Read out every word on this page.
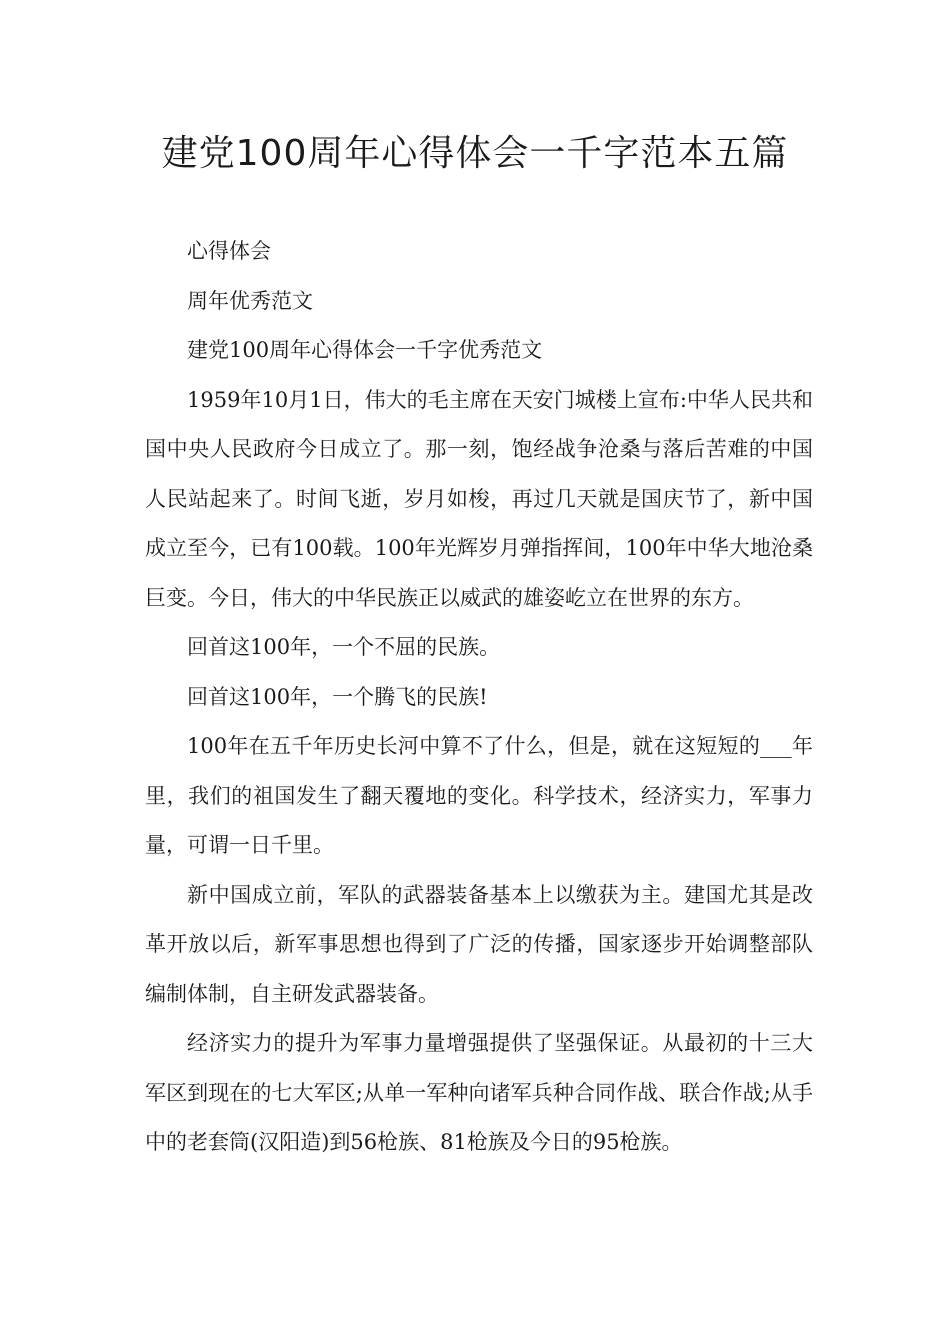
建党100周年心得体会一千字范本五篇

心得体会

周年优秀范文

建党100周年心得体会一千字优秀范文

1959年10月1日，伟大的毛主席在天安门城楼上宣布:中华人民共和国中央人民政府今日成立了。那一刻，饱经战争沧桑与落后苦难的中国人民站起来了。时间飞逝，岁月如梭，再过几天就是国庆节了，新中国成立至今，已有100载。100年光辉岁月弹指挥间，100年中华大地沧桑巨变。今日，伟大的中华民族正以威武的雄姿屹立在世界的东方。

回首这100年，一个不屈的民族。

回首这100年，一个腾飞的民族!

100年在五千年历史长河中算不了什么，但是，就在这短短的___年里，我们的祖国发生了翻天覆地的变化。科学技术，经济实力，军事力量，可谓一日千里。

新中国成立前，军队的武器装备基本上以缴获为主。建国尤其是改革开放以后，新军事思想也得到了广泛的传播，国家逐步开始调整部队编制体制，自主研发武器装备。

经济实力的提升为军事力量增强提供了坚强保证。从最初的十三大军区到现在的七大军区;从单一军种向诸军兵种合同作战、联合作战;从手中的老套筒(汉阳造)到56枪族、81枪族及今日的95枪族。
